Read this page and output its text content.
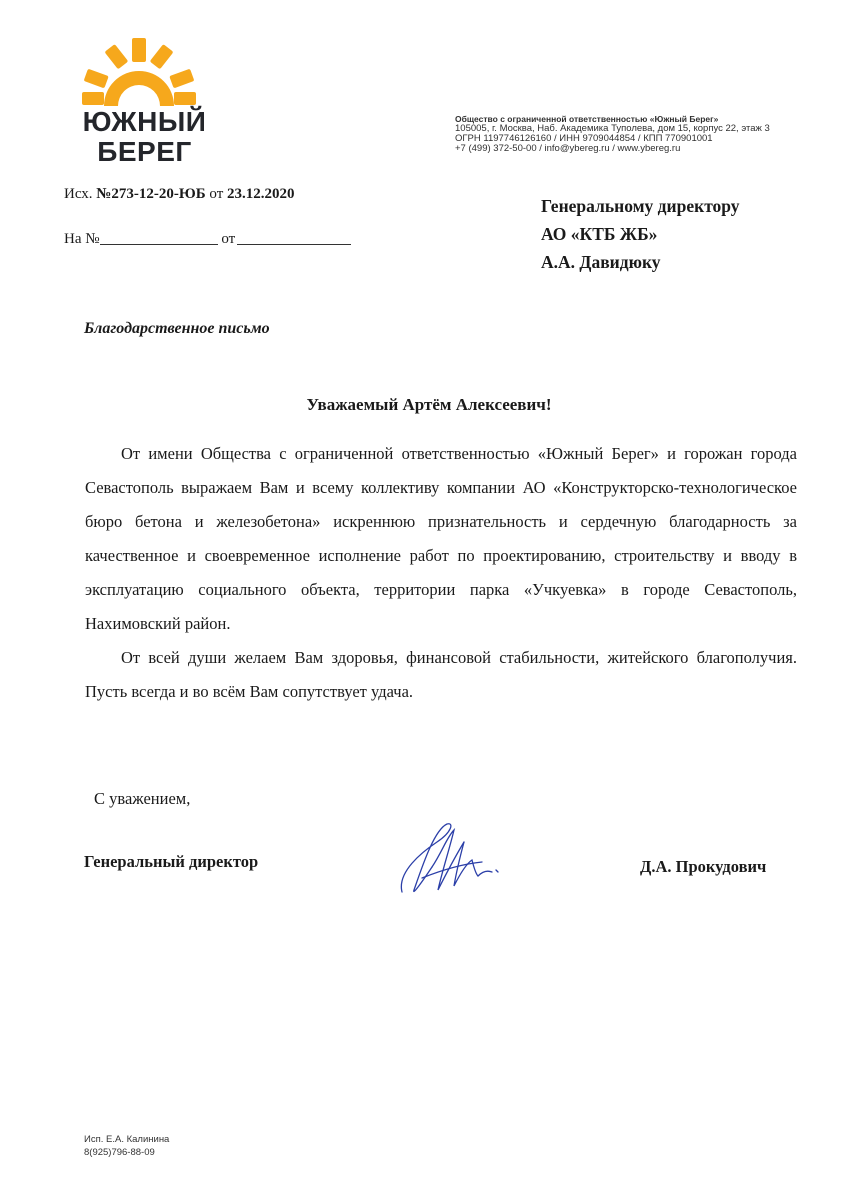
ЮЖНЫЙ
БЕРЕГ
Общество с ограниченной ответственностью «Южный Берег»
105005, г. Москва, Наб. Академика Туполева, дом 15, корпус 22, этаж 3
ОГРН 1197746126160 / ИНН 9709044854 / КПП 770901001
+7 (499) 372-50-00 / info@ybereg.ru / www.ybereg.ru
Исх. №273-12-20-ЮБ от 23.12.2020
На №	от
Генеральному директору
АО «КТБ ЖБ»
А.А. Давидюку
Благодарственное письмо
Уважаемый Артём Алексеевич!

От имени Общества с ограниченной ответственностью «Южный Берег» и горожан города Севастополь выражаем Вам и всему коллективу компании АО «Конструкторско-технологическое бюро бетона и железобетона» искреннюю признательность и сердечную благодарность за качественное и своевременное исполнение работ по проектированию, строительству и вводу в эксплуатацию социального объекта, территории парка «Учкуевка» в городе Севастополь, Нахимовский район.

От всей души желаем Вам здоровья, финансовой стабильности, житейского благополучия. Пусть всегда и во всём Вам сопутствует удача.

С уважением,
Генеральный директор	Д.А. Прокудович
Исп. Е.А. Калинина
8(925)796-88-09
